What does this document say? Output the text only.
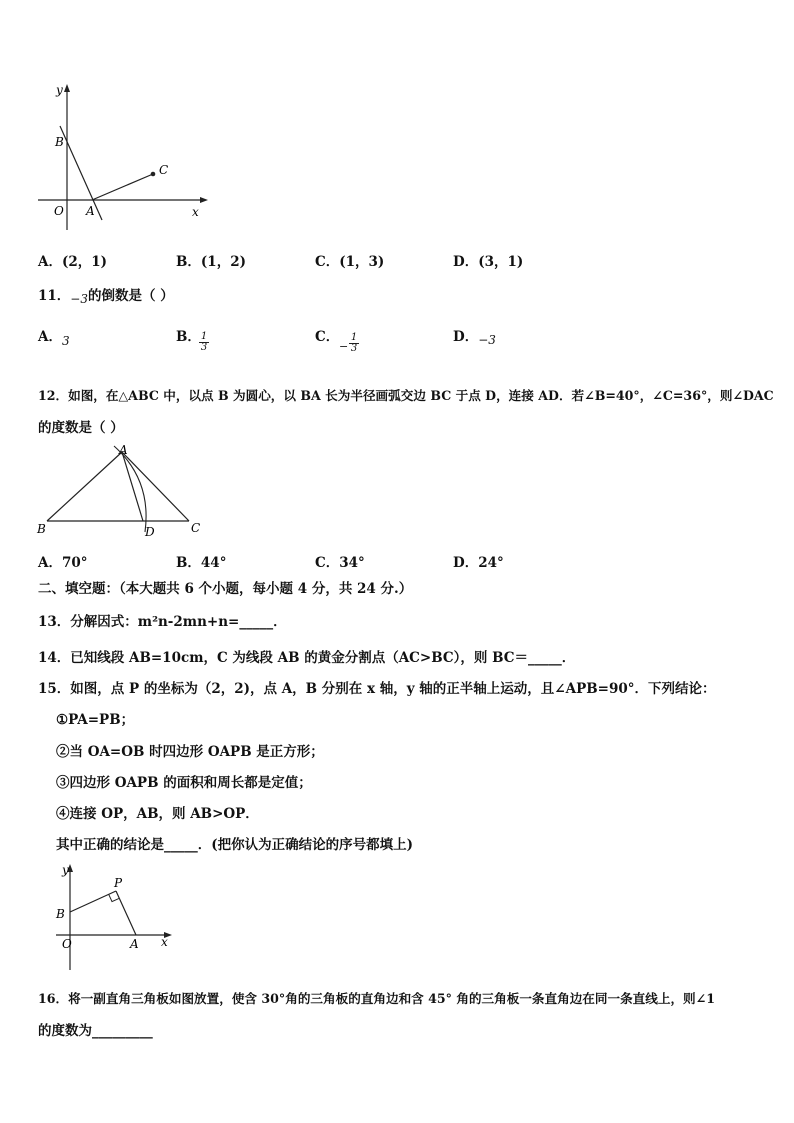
y
x
O A
B
C
A．(2，1)	B．(1，2)	C．(1，3)	D．(3，1)
11．−3的倒数是（ ）
A．3	B． 1
3
C．
−
1
3
D．−3
12．如图，在△ABC 中，以点 B 为圆心，以 BA 长为半径画弧交边 BC 于点 D，连接 AD．若∠B=40°，∠C=36°，则∠DAC
的度数是（ ）
A
B	C
D
A．70°	B．44°	C．34°	D．24°
二、填空题：（本大题共 6 个小题，每小题 4 分，共 24 分.）
13．分解因式：m²n-2mn+n=_____．
14．已知线段 AB=10cm，C 为线段 AB 的黄金分割点（AC>BC），则 BC＝_____．
15．如图，点 P 的坐标为（2，2)，点 A，B 分别在 x 轴，y 轴的正半轴上运动，且∠APB=90°．下列结论：
①PA=PB；
②当 OA=OB 时四边形 OAPB 是正方形；
③四边形 OAPB 的面积和周长都是定值；
④连接 OP，AB，则 AB>OP．
其中正确的结论是_____．(把你认为正确结论的序号都填上)
y
x
O	A
B
P
16．将一副直角三角板如图放置，使含 30°角的三角板的直角边和含 45° 角的三角板一条直角边在同一条直线上，则∠1
的度数为_________
